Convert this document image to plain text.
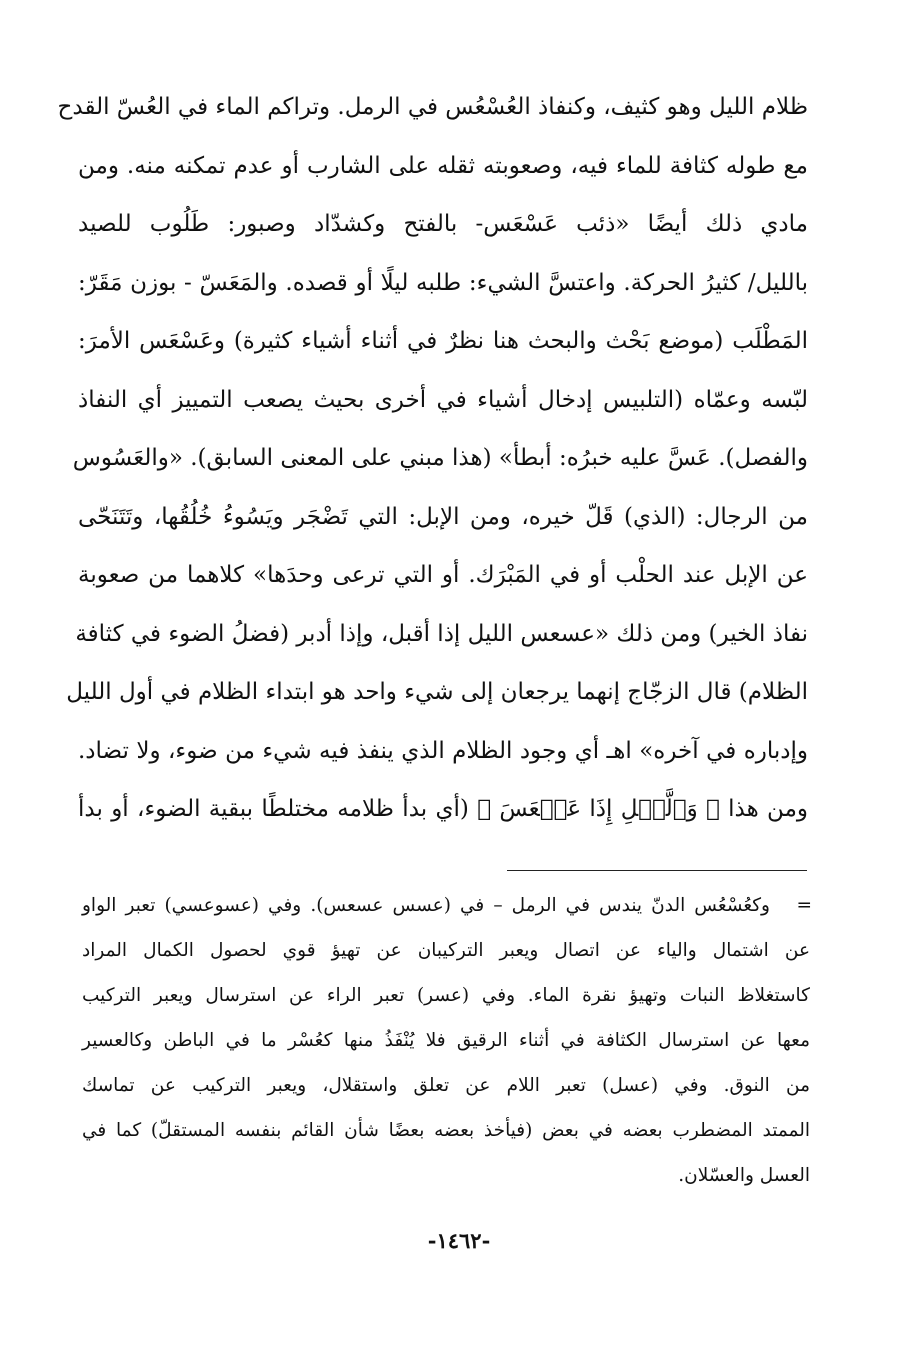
ظلام الليل وهو كثيف، وكنفاذ العُسْعُس في الرمل. وتراكم الماء في العُسّ القدح
مع طوله كثافة للماء فيه، وصعوبته ثقله على الشارب أو عدم تمكنه منه. ومن
مادي ذلك أيضًا «ذئب عَسْعَس- بالفتح وكشدّاد وصبور: طَلُوب للصيد
بالليل/ كثيرُ الحركة. واعتسَّ الشيء: طلبه ليلًا أو قصده. والمَعَسّ - بوزن مَقَرّ:
المَطْلَب (موضع بَحْث والبحث هنا نظرٌ في أثناء أشياء كثيرة) وعَسْعَس الأمرَ:
لبّسه وعمّاه (التلبيس إدخال أشياء في أخرى بحيث يصعب التمييز أي النفاذ
والفصل). عَسَّ عليه خبرُه: أبطأ» (هذا مبني على المعنى السابق). «والعَسُوس
من الرجال: (الذي) قَلّ خيره، ومن الإبل: التي تَضْجَر ويَسُوءُ خُلُقُها، وتَتَنَحّى
عن الإبل عند الحلْب أو في المَبْرَك. أو التي ترعى وحدَها» كلاهما من صعوبة
نفاذ الخير) ومن ذلك «عسعس الليل إذا أقبل، وإذا أدبر (فضلُ الضوء في كثافة
الظلام) قال الزجّاج إنهما يرجعان إلى شيء واحد هو ابتداء الظلام في أول الليل
وإدباره في آخره» اهـ أي وجود الظلام الذي ينفذ فيه شيء من ضوء، ولا تضاد.
ومن هذا ﴿ وَٱلَّيۡلِ إِذَا عَسۡعَسَ ﴾ (أي بدأ ظلامه مختلطًا ببقية الضوء، أو بدأ
=
وكعُسْعُس الدنّ يندس في الرمل – في (عسس عسعس). وفي (عسوعسي) تعبر الواو
عن اشتمال والياء عن اتصال ويعبر التركيبان عن تهيؤ قوي لحصول الكمال المراد
كاستغلاظ النبات وتهيؤ نقرة الماء. وفي (عسر) تعبر الراء عن استرسال ويعبر التركيب
معها عن استرسال الكثافة في أثناء الرقيق فلا يُنْفَذُ منها كعُسْر ما في الباطن وكالعسير
من النوق. وفي (عسل) تعبر اللام عن تعلق واستقلال، ويعبر التركيب عن تماسك
الممتد المضطرب بعضه في بعض (فيأخذ بعضه بعضًا شأن القائم بنفسه المستقلّ) كما في
العسل والعسّلان.
-١٤٦٢-
